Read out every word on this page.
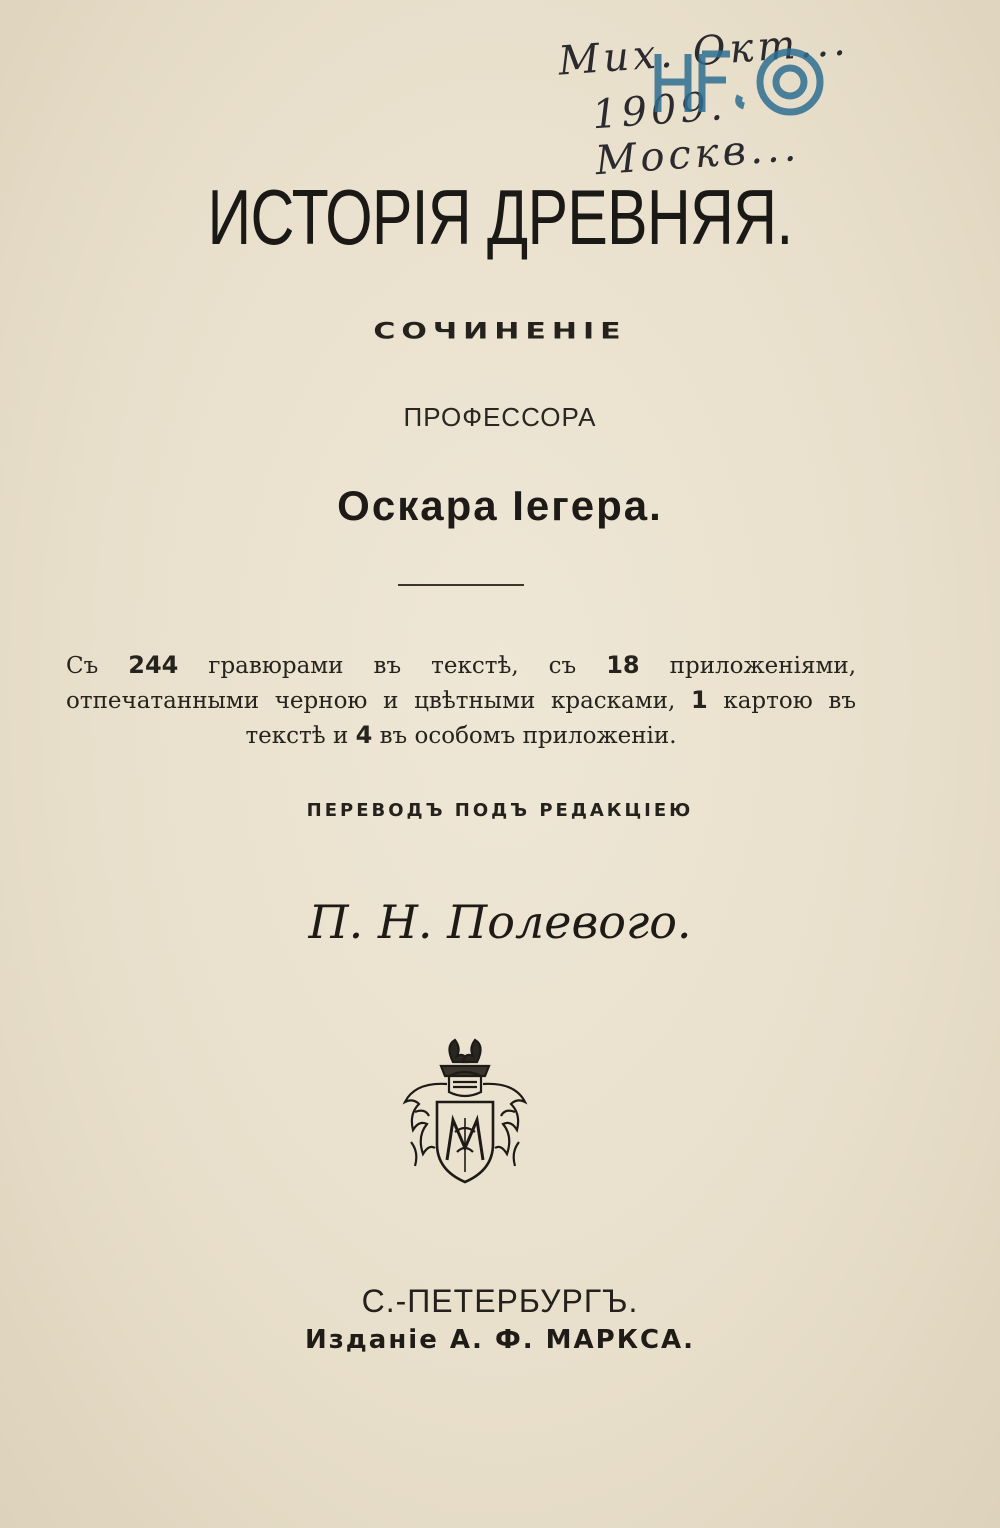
Мих. Окт...
1909. Москв...
ИСТОРІЯ ДРЕВНЯЯ.
СОЧИНЕНІЕ
ПРОФЕССОРА
Оскара Іегера.
Съ 244 гравюрами въ текстѣ, съ 18 приложеніями, отпечатанными черною и цвѣтными красками, 1 картою въ текстѣ и 4 въ особомъ приложеніи.
ПЕРЕВОДЪ ПОДЪ РЕДАКЦІЕЮ
П. Н. Полевого.
С.-ПЕТЕРБУРГЪ.
Изданіе А. Ф. МАРКСА.
